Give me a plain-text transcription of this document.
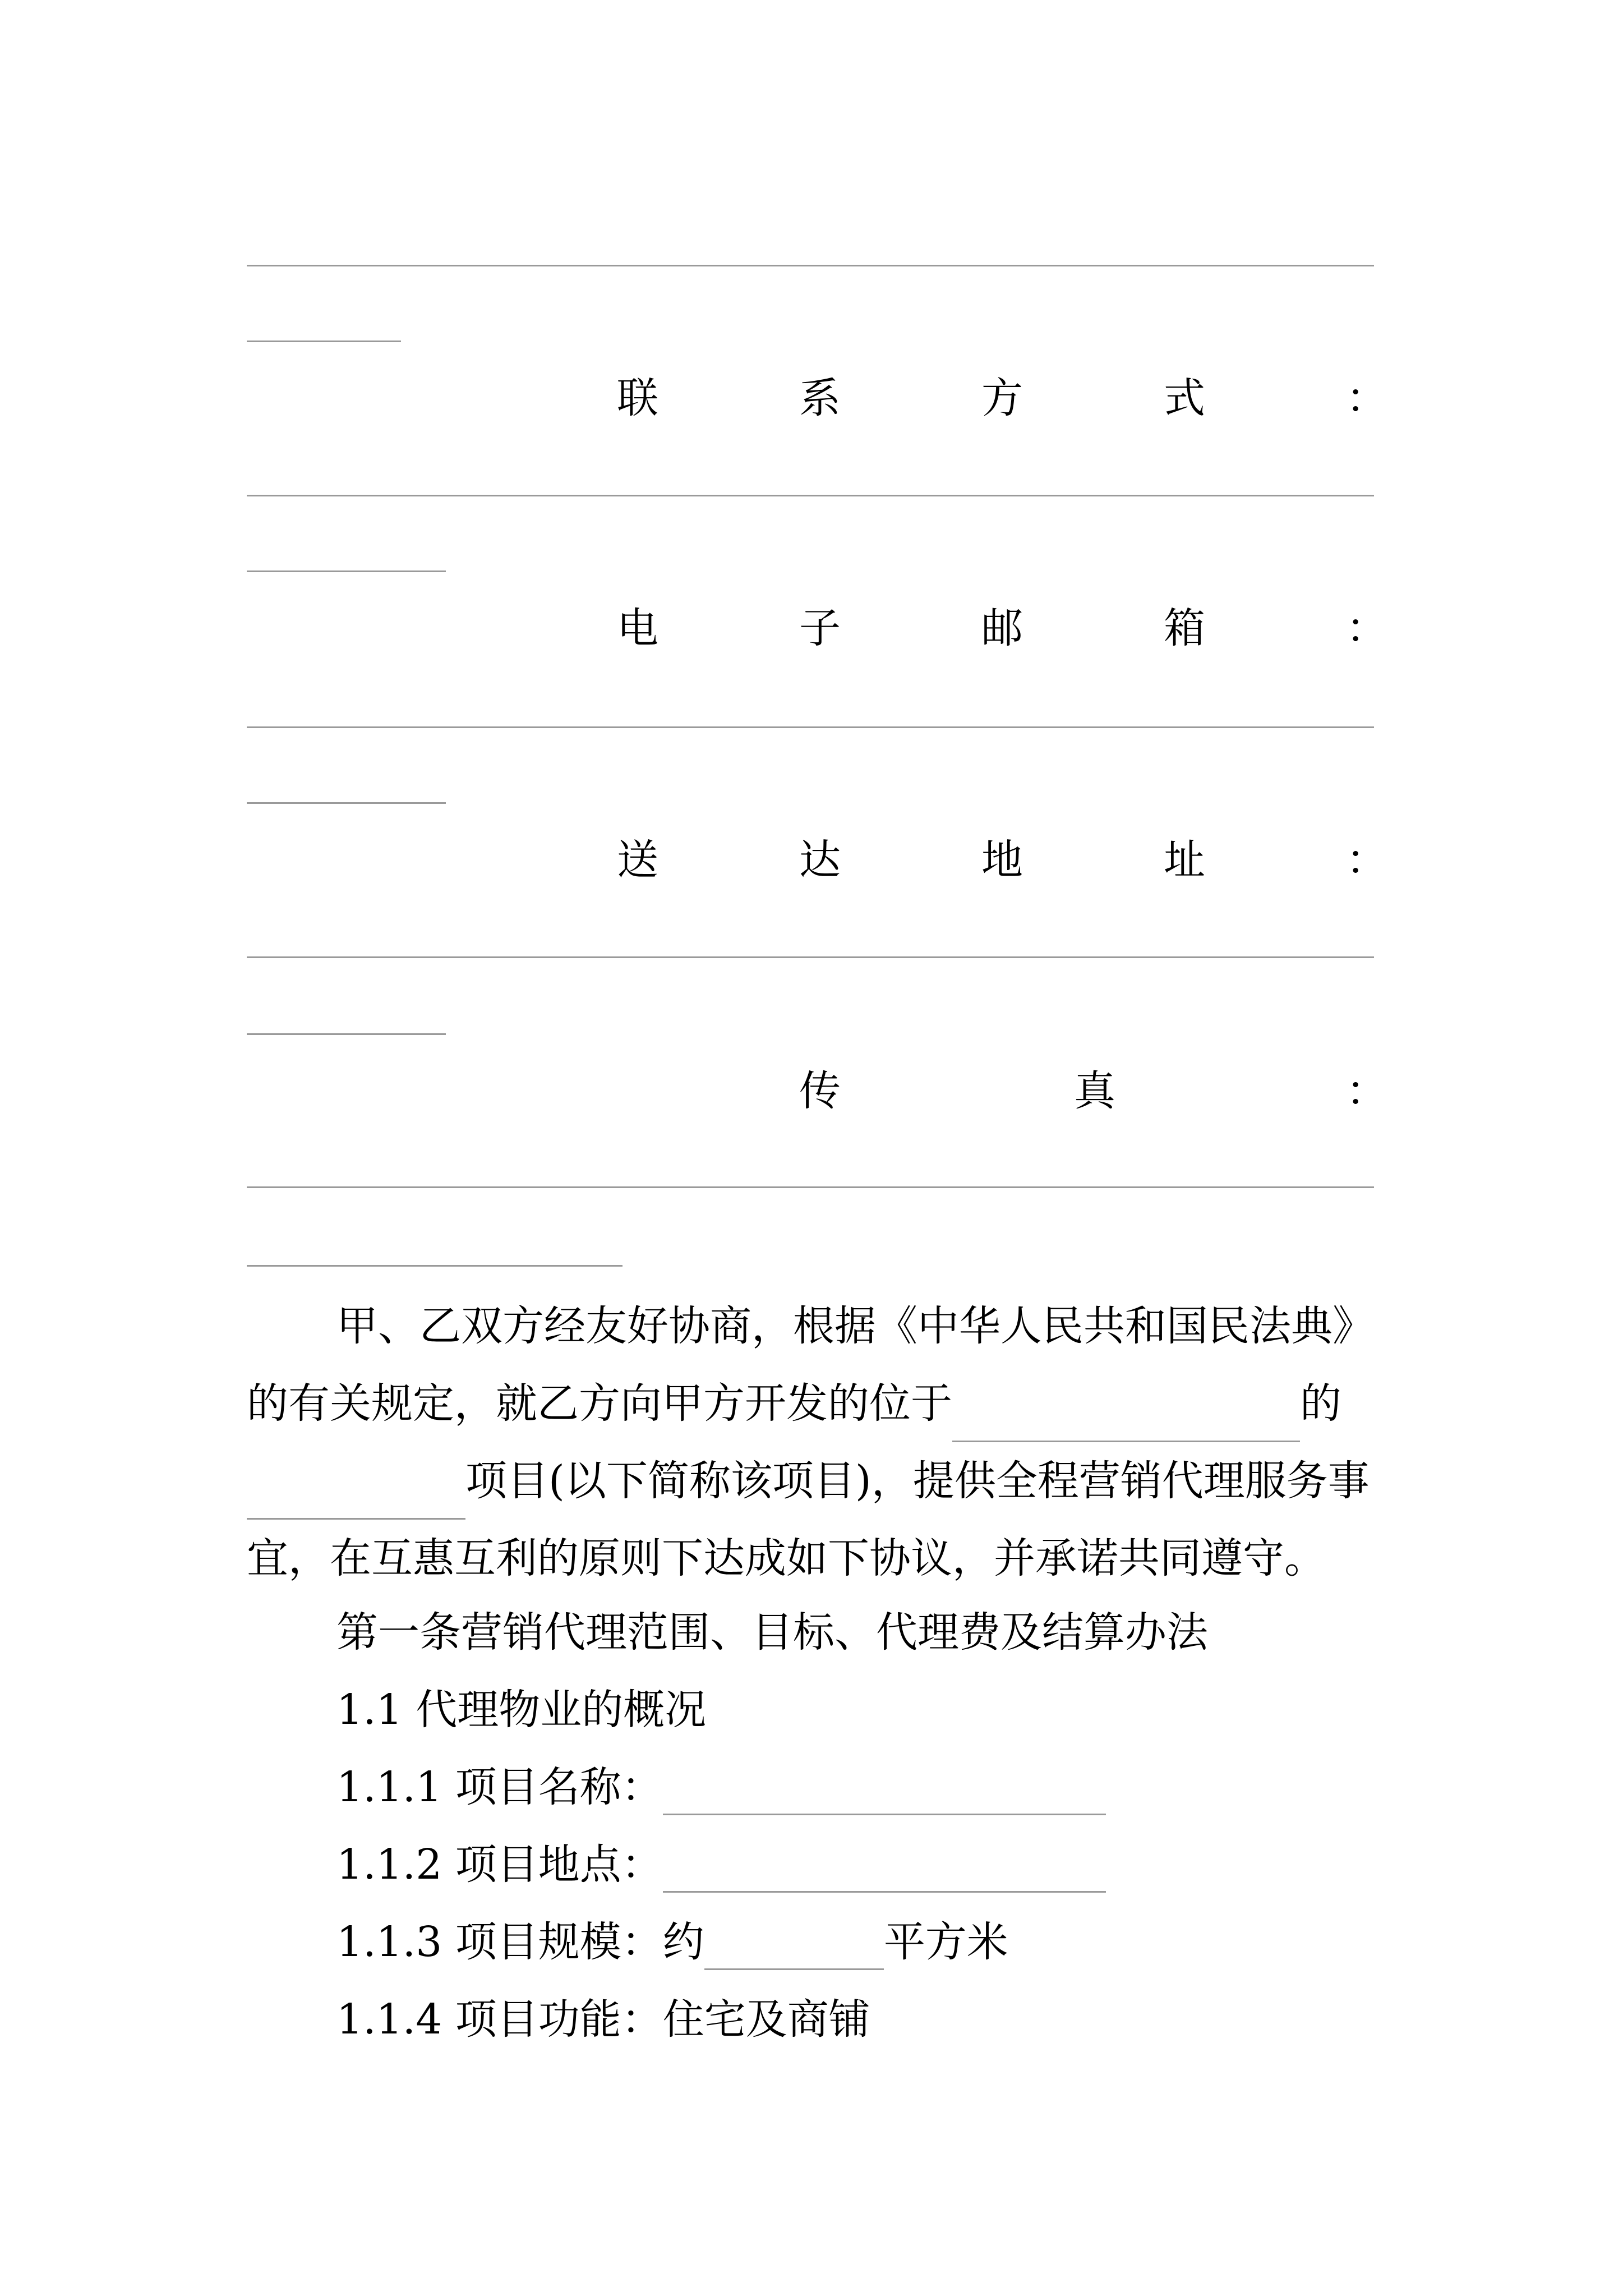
联	系	方	式	：
电	子	邮	箱	：
送	达	地	址	：
传	真	：

甲、乙双方经友好协商，根据《中华人民共和国民法典》的有关规定，就乙方向甲方开发的位于	的
项目(以下简称该项目)，提供全程营销代理服务事宜，在互惠互利的原则下达成如下协议，并承诺共同遵守。

第一条营销代理范围、目标、代理费及结算办法
1.1 代理物业的概况
1.1.1 项目名称：
1.1.2 项目地点：
1.1.3 项目规模：约	平方米
1.1.4 项目功能：住宅及商铺
